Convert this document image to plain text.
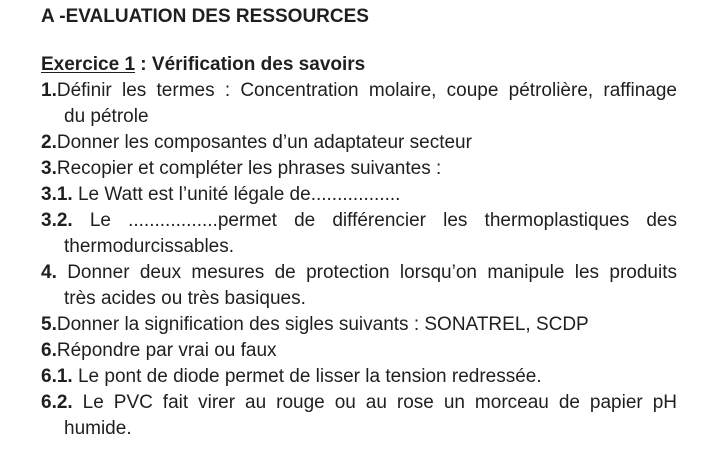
A -EVALUATION DES RESSOURCES
Exercice 1 : Vérification des savoirs
1.Définir les termes : Concentration molaire, coupe pétrolière, raffinage
du pétrole
2.Donner les composantes d’un adaptateur secteur
3.Recopier et compléter les phrases suivantes :
3.1. Le Watt est l’unité légale de.................
3.2. Le .................permet de différencier les thermoplastiques des
thermodurcissables.
4. Donner deux mesures de protection lorsqu’on manipule les produits
très acides ou très basiques.
5.Donner la signification des sigles suivants : SONATREL, SCDP
6.Répondre par vrai ou faux
6.1. Le pont de diode permet de lisser la tension redressée.
6.2. Le PVC fait virer au rouge ou au rose un morceau de papier pH
humide.
